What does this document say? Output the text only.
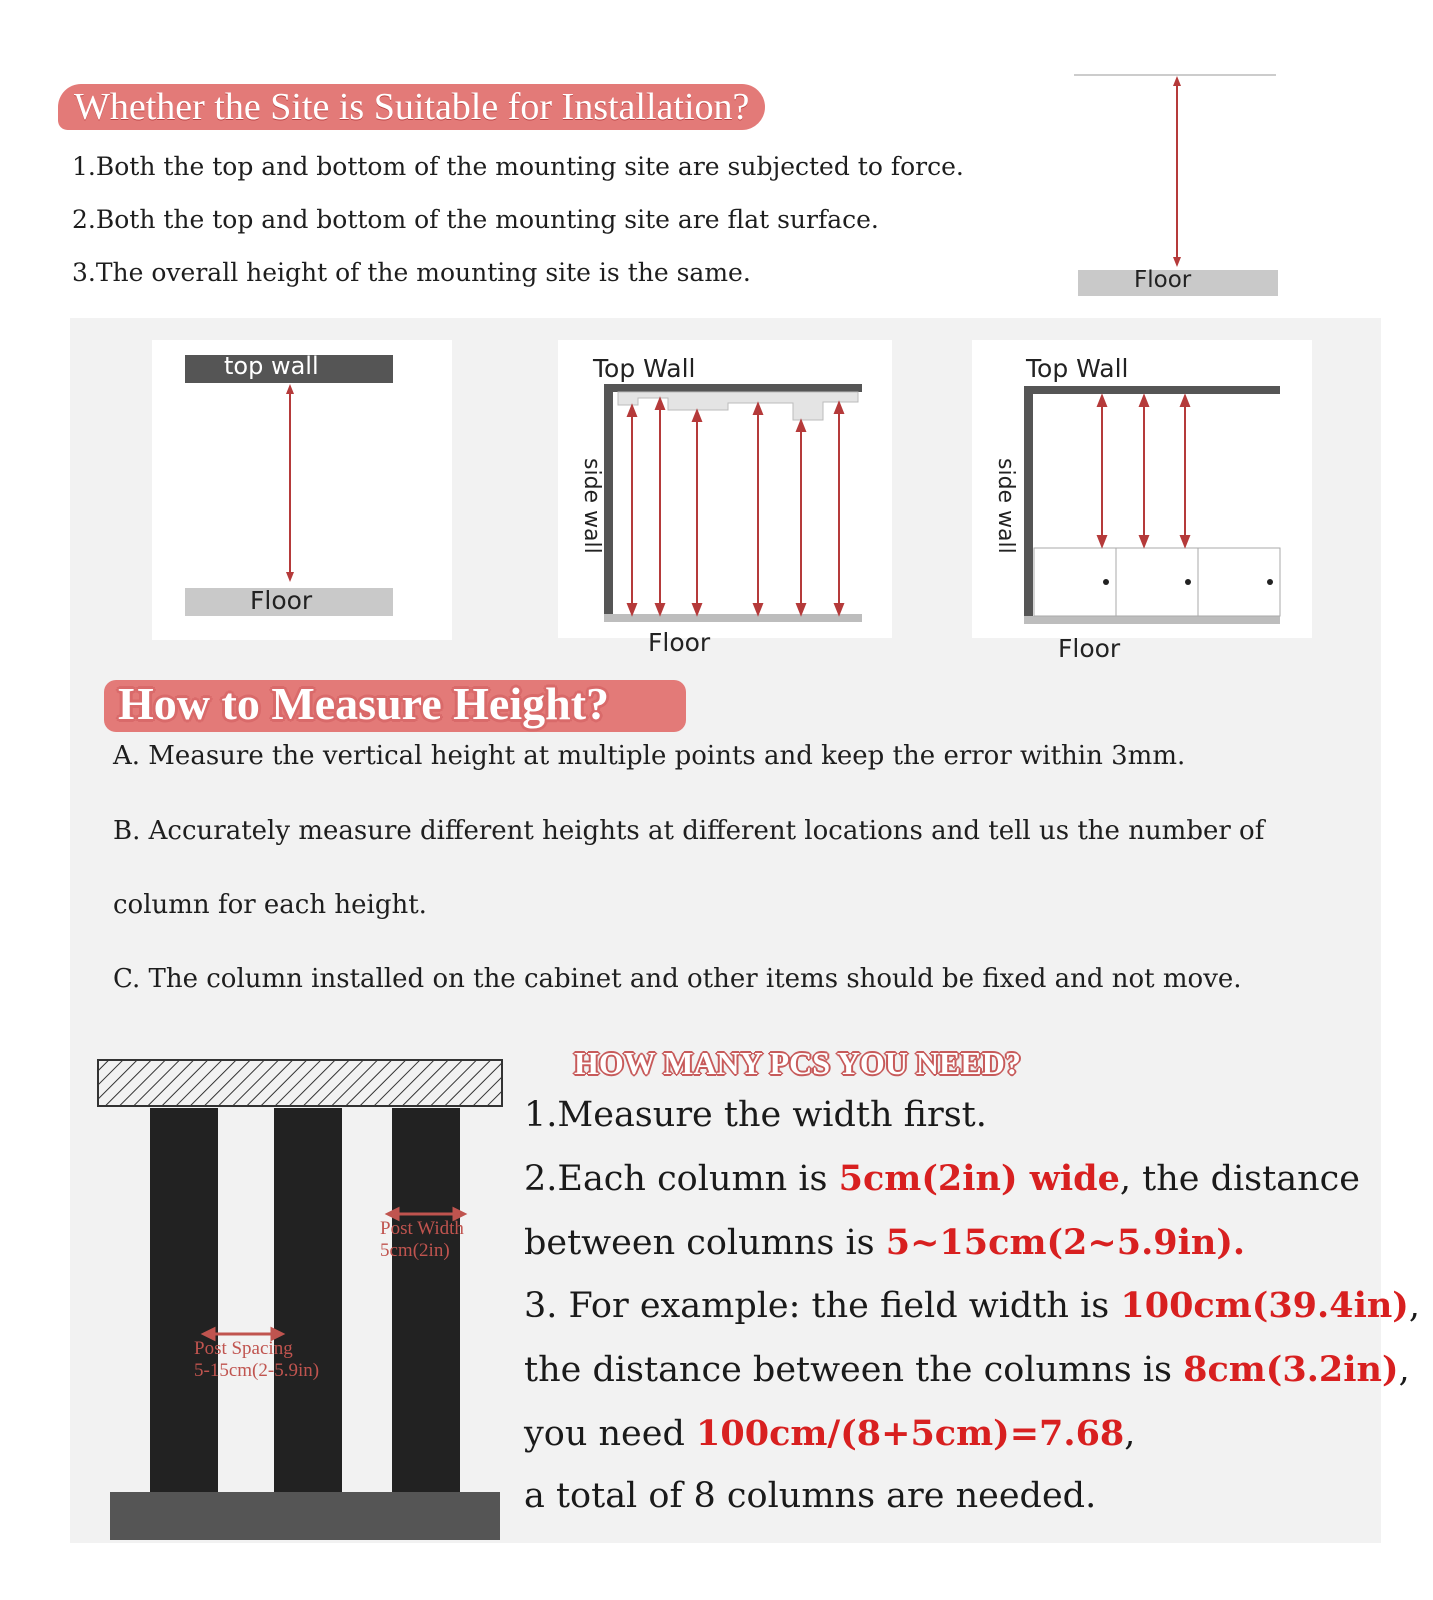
Whether the Site is Suitable for Installation?
1.Both the top and bottom of the mounting site are subjected to force.
2.Both the top and bottom of the mounting site are flat surface.
3.The overall height of the mounting site is the same.	Floor
top wall
Floor
Top Wall
side wall
Floor
Top Wall
side wall
Floor
How to Measure Height?
A. Measure the vertical height at multiple points and keep the error within 3mm.
B. Accurately measure different heights at different locations and tell us the number of
column for each height.
C. The column installed on the cabinet and other items should be fixed and not move.
Post Width
5cm(2in)
Post Spacing
5-15cm(2-5.9in)
HOW MANY PCS YOU NEED?
1.Measure the width first.
2.Each column is 5cm(2in) wide, the distance
between columns is 5~15cm(2~5.9in).
3. For example: the field width is 100cm(39.4in),
the distance between the columns is 8cm(3.2in),
you need 100cm/(8+5cm)=7.68,
a total of 8 columns are needed.
